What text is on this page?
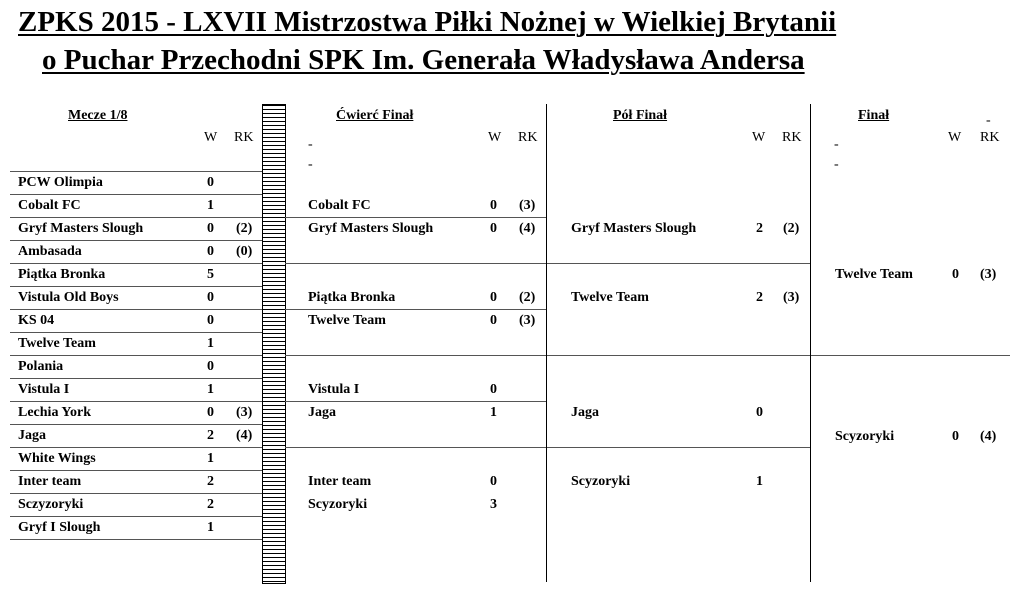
ZPKS 2015 - LXVII Mistrzostwa Piłki Nożnej w Wielkiej Brytanii
o Puchar Przechodni SPK Im. Generała Władysława Andersa
Mecze 1/8
W RK
PCW Olimpia	0
Cobalt FC	1
Gryf Masters Slough	0 (2)
Ambasada	0 (0)
Piątka Bronka	5
Vistula Old Boys	0
KS 04	0
Twelve Team	1
Polania	0
Vistula I	1
Lechia York	0 (3)
Jaga	2 (4)
White Wings	1
Inter team	2
Sczyzoryki	2
Gryf I Slough	1
Ćwierć Finał
W RK
-
-
Cobalt FC	0 (3)
Gryf Masters Slough	0 (4)
Piątka Bronka	0 (2)
Twelve Team	0 (3)
Vistula I	0
Jaga	1
Inter team	0
Scyzoryki	3
Pół Finał
W RK
Gryf Masters Slough	2 (2)
Twelve Team	2 (3)
Jaga	0
Scyzoryki	1
Finał	-
W RK
-
-
Twelve Team	0 (3)
Scyzoryki	0 (4)
